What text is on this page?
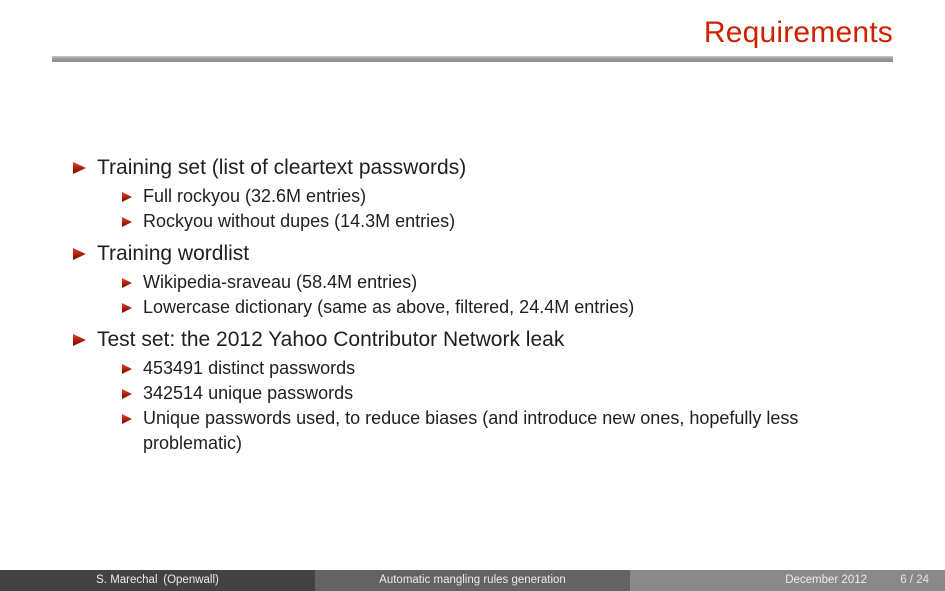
Requirements
Training set (list of cleartext passwords)
Full rockyou (32.6M entries)
Rockyou without dupes (14.3M entries)
Training wordlist
Wikipedia-sraveau (58.4M entries)
Lowercase dictionary (same as above, filtered, 24.4M entries)
Test set: the 2012 Yahoo Contributor Network leak
453491 distinct passwords
342514 unique passwords
Unique passwords used, to reduce biases (and introduce new ones, hopefully less problematic)
S. Marechal (Openwall)	Automatic mangling rules generation	December 2012	6 / 24
